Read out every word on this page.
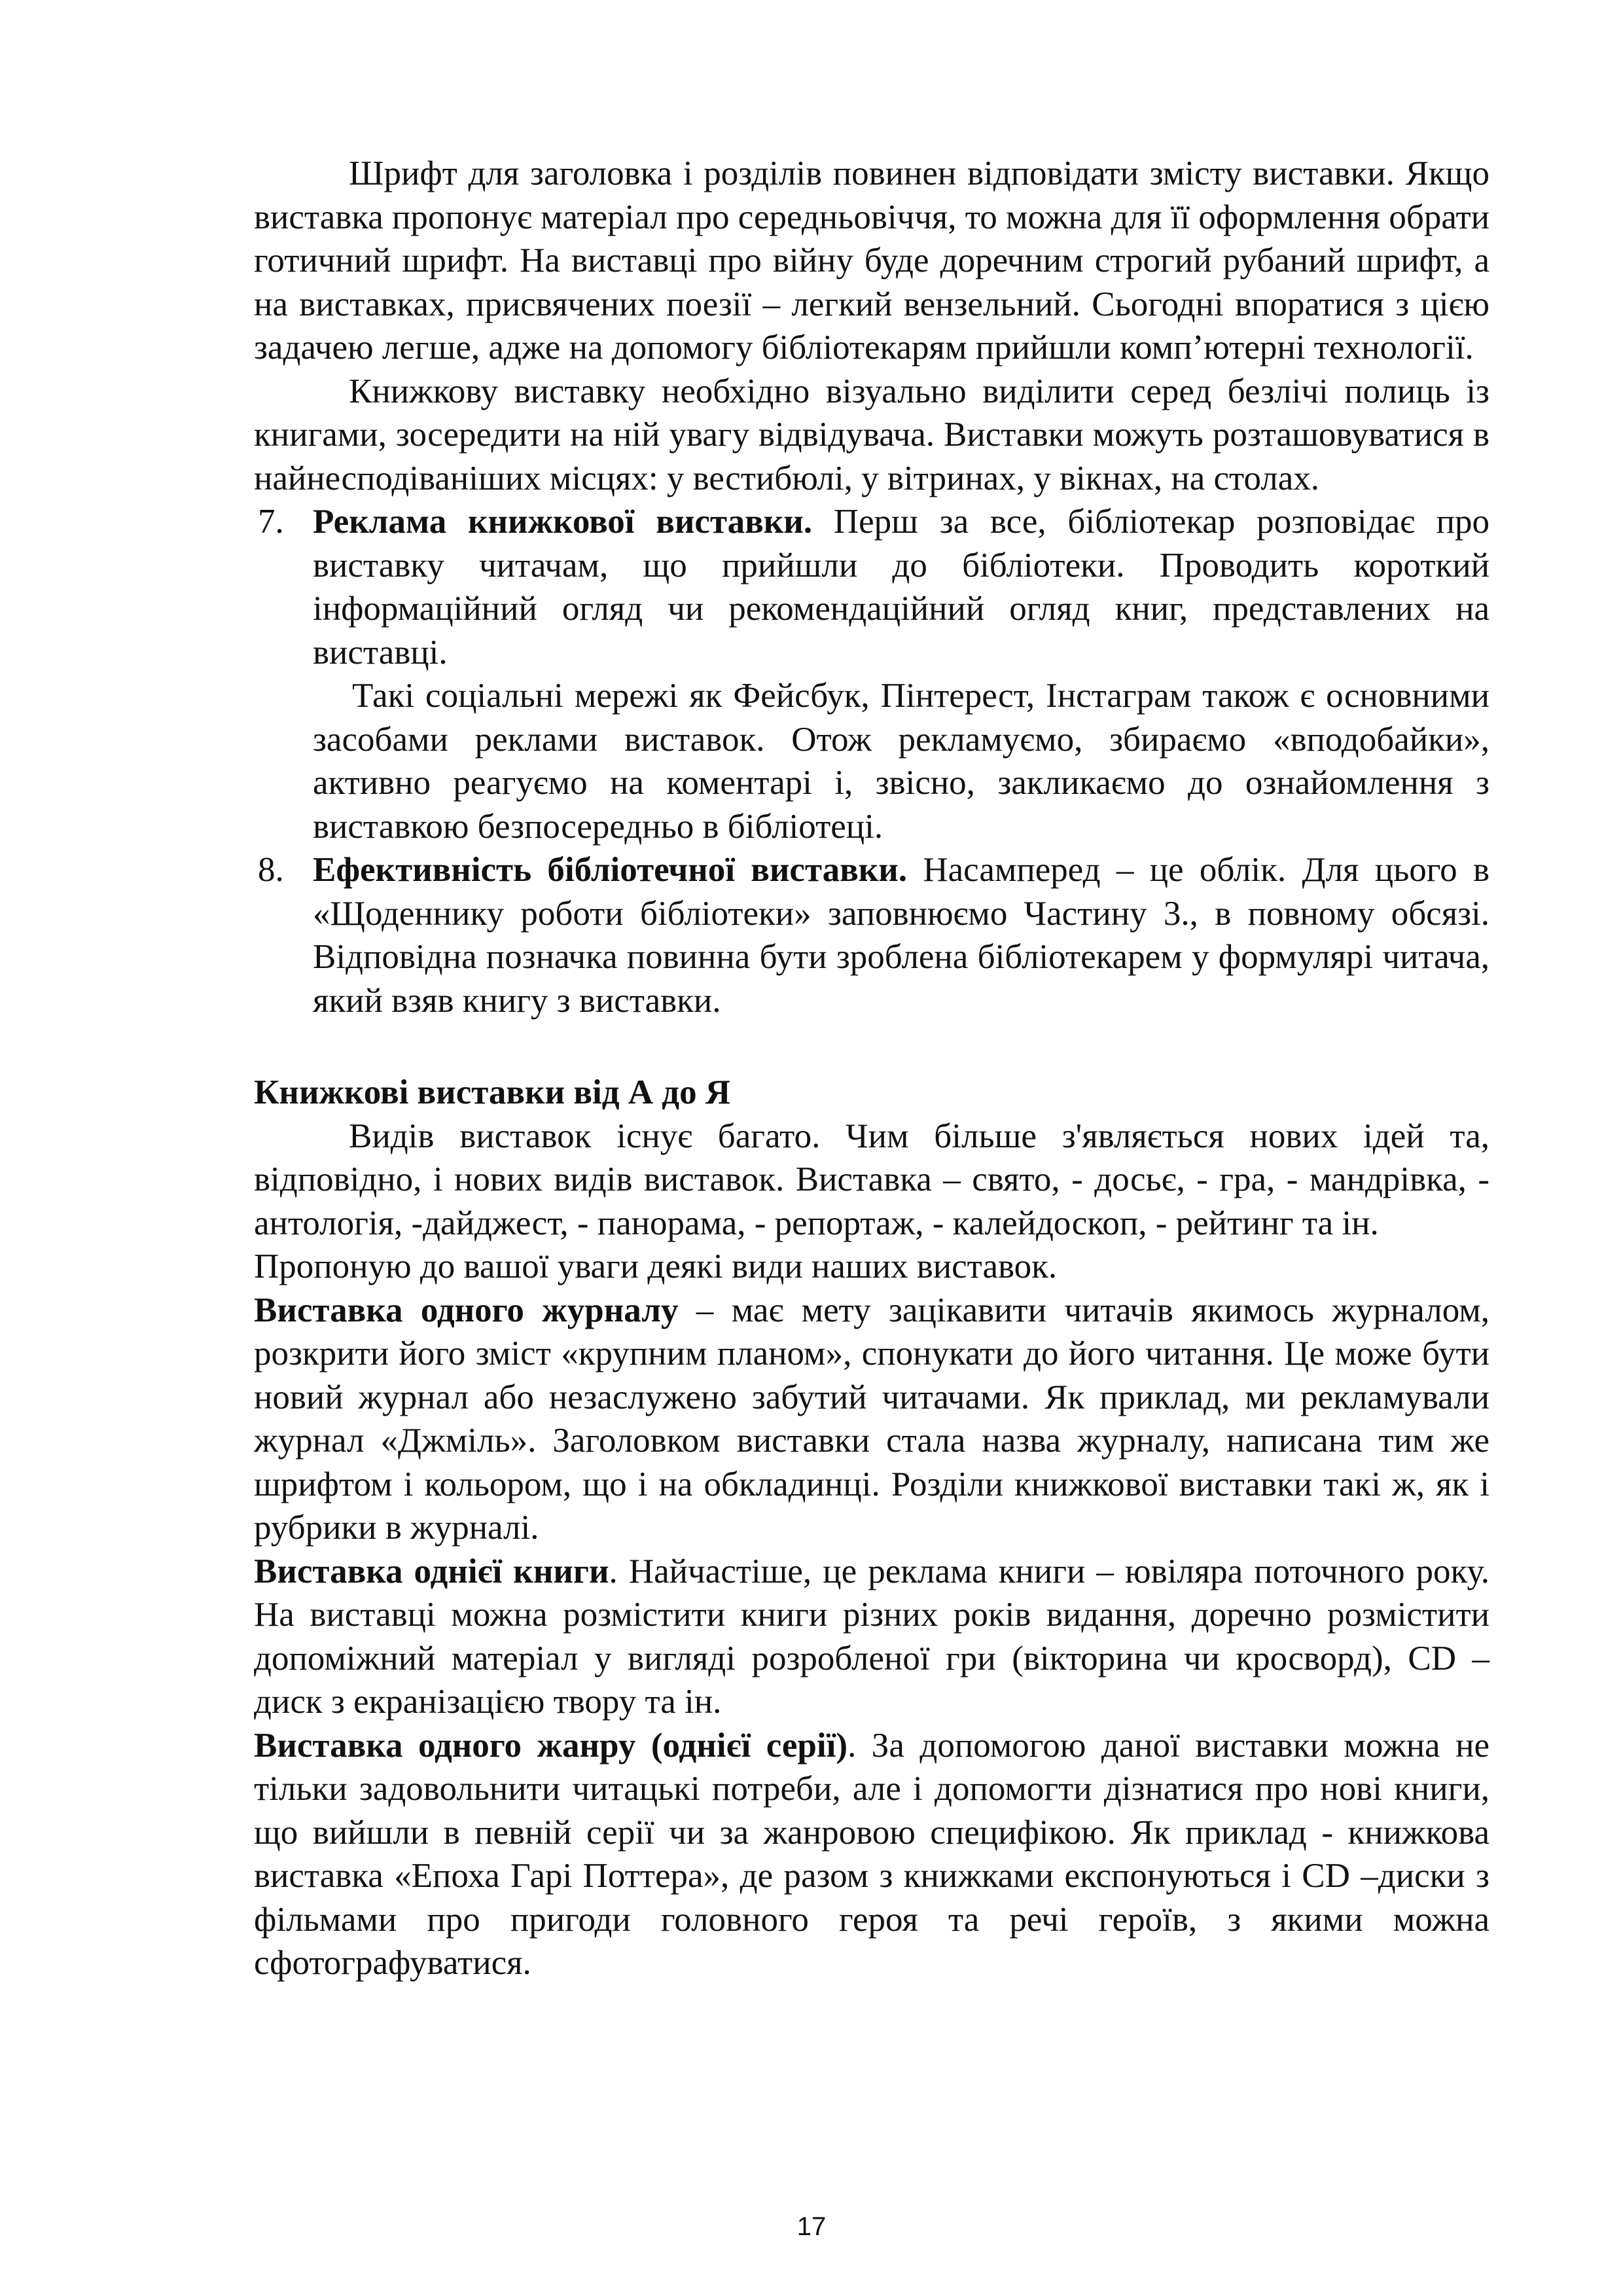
Шрифт для заголовка і розділів повинен відповідати змісту виставки. Якщо виставка пропонує матеріал про середньовіччя, то можна для її оформлення обрати готичний шрифт. На виставці про війну буде доречним строгий рубаний шрифт, а на виставках, присвячених поезії – легкий вензельний. Сьогодні впоратися з цією задачею легше, адже на допомогу бібліотекарям прийшли комп’ютерні технології.

Книжкову виставку необхідно візуально виділити серед безлічі полиць із книгами, зосередити на ній увагу відвідувача. Виставки можуть розташовуватися в найнесподіваніших місцях: у вестибюлі, у вітринах, у вікнах, на столах.

7. Реклама книжкової виставки. Перш за все, бібліотекар розповідає про виставку читачам, що прийшли до бібліотеки. Проводить короткий інформаційний огляд чи рекомендаційний огляд книг, представлених на виставці.

Такі соціальні мережі як Фейсбук, Пінтерест, Інстаграм також є основними засобами реклами виставок. Отож рекламуємо, збираємо «вподобайки», активно реагуємо на коментарі і, звісно, закликаємо до ознайомлення з виставкою безпосередньо в бібліотеці.

8. Ефективність бібліотечної виставки. Насамперед – це облік. Для цього в «Щоденнику роботи бібліотеки» заповнюємо Частину 3., в повному обсязі. Відповідна позначка повинна бути зроблена бібліотекарем у формулярі читача, який взяв книгу з виставки.
Книжкові виставки від А до Я

Видів виставок існує багато. Чим більше з'являється нових ідей та, відповідно, і нових видів виставок. Виставка – свято, - досьє, - гра, - мандрівка, - антологія, -дайджест, - панорама, - репортаж, - калейдоскоп, - рейтинг та ін.

Пропоную до вашої уваги деякі види наших виставок.

Виставка одного журналу – має мету зацікавити читачів якимось журналом, розкрити його зміст «крупним планом», спонукати до його читання. Це може бути новий журнал або незаслужено забутий читачами. Як приклад, ми рекламували журнал «Джміль». Заголовком виставки стала назва журналу, написана тим же шрифтом і кольором, що і на обкладинці. Розділи книжкової виставки такі ж, як і рубрики в журналі.

Виставка однієї книги. Найчастіше, це реклама книги – ювіляра поточного року. На виставці можна розмістити книги різних років видання, доречно розмістити допоміжний матеріал у вигляді розробленої гри (вікторина чи кросворд), CD – диск з екранізацією твору та ін.

Виставка одного жанру (однієї серії). За допомогою даної виставки можна не тільки задовольнити читацькі потреби, але і допомогти дізнатися про нові книги, що вийшли в певній серії чи за жанровою специфікою. Як приклад - книжкова виставка «Епоха Гарі Поттера», де разом з книжками експонуються і CD –диски з фільмами про пригоди головного героя та речі героїв, з якими можна сфотографуватися.

17
